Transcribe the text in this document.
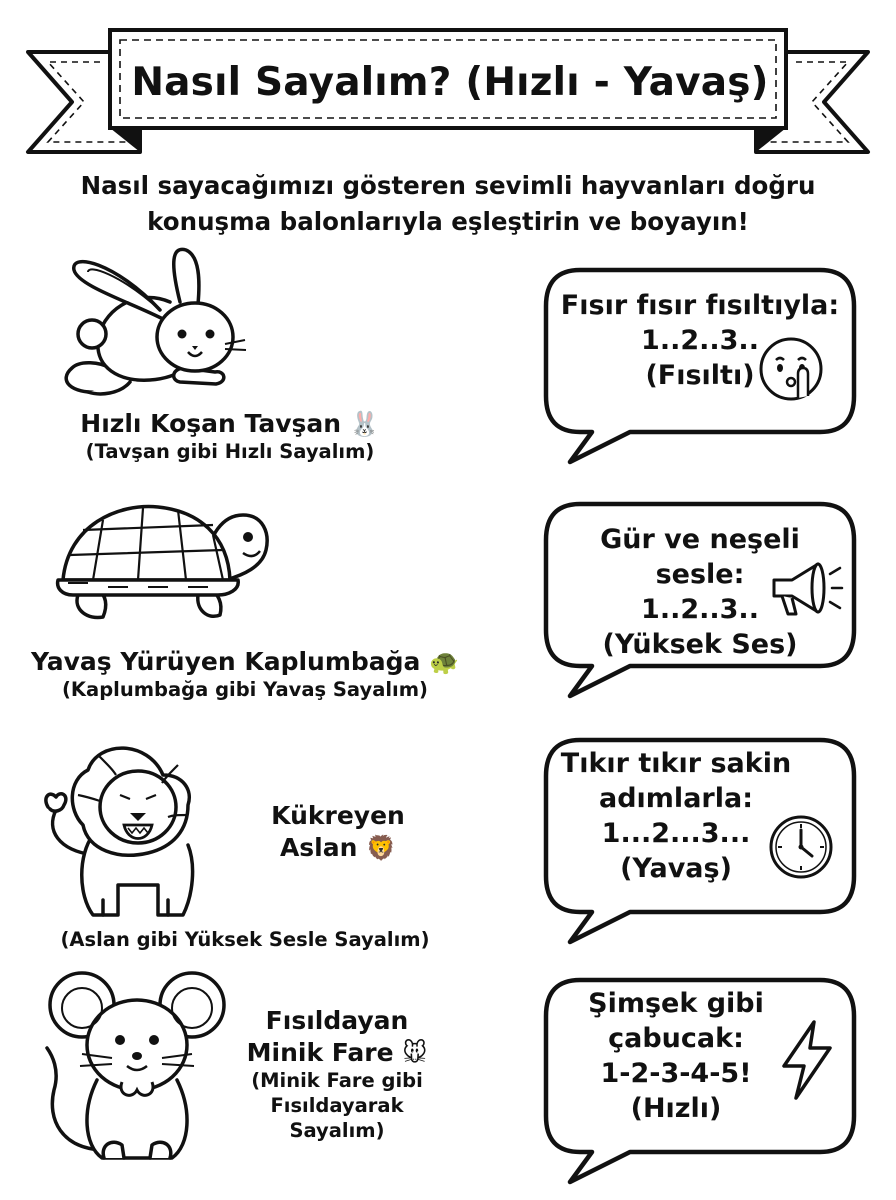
Nasıl Sayalım? (Hızlı - Yavaş)
Nasıl sayacağımızı gösteren sevimli hayvanları doğru
konuşma balonlarıyla eşleştirin ve boyayın!
Hızlı Koşan Tavşan 🐰
(Tavşan gibi Hızlı Sayalım)
Yavaş Yürüyen Kaplumbağa 🐢
(Kaplumbağa gibi Yavaş Sayalım)
Kükreyen
Aslan 🦁
(Aslan gibi Yüksek Sesle Sayalım)
Fısıldayan
Minik Fare 🐭
(Minik Fare gibi
Fısıldayarak
Sayalım)
Fısır fısır fısıltıyla:
1..2..3..
(Fısıltı)
Gür ve neşeli sesle:
1..2..3..
(Yüksek Ses)
Tıkır tıkır sakin
adımlarla:
1...2...3...
(Yavaş)
Şimşek gibi
çabucak:
1-2-3-4-5!
(Hızlı)
